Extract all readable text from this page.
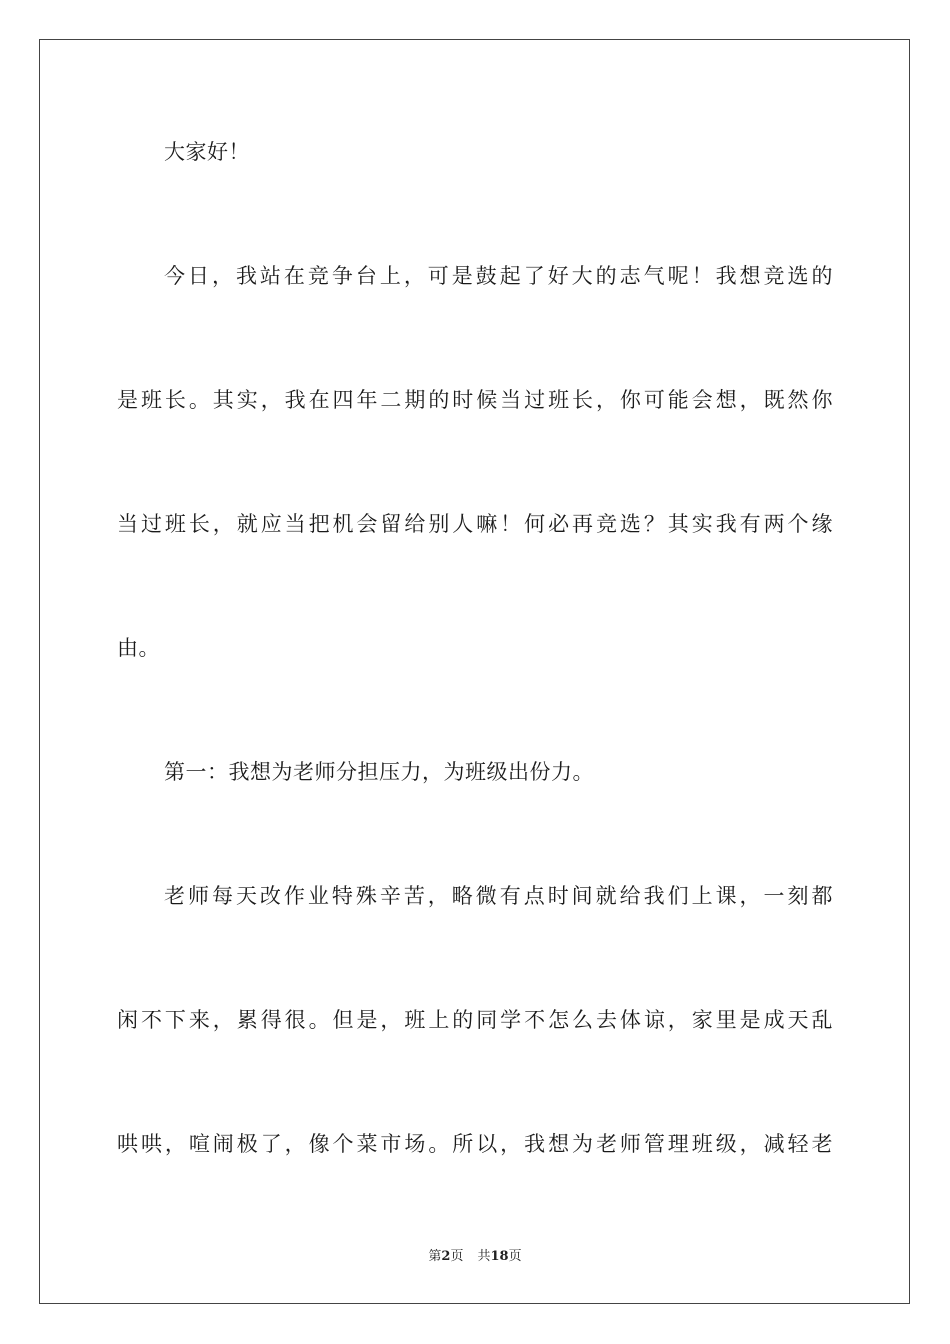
大家好！
今日，我站在竞争台上，可是鼓起了好大的志气呢！我想竞选的
是班长。其实，我在四年二期的时候当过班长，你可能会想，既然你
当过班长，就应当把机会留给别人嘛！何必再竞选？其实我有两个缘
由。
第一：我想为老师分担压力，为班级出份力。
老师每天改作业特殊辛苦，略微有点时间就给我们上课，一刻都
闲不下来，累得很。但是，班上的同学不怎么去体谅，家里是成天乱
哄哄，喧闹极了，像个菜市场。所以，我想为老师管理班级，减轻老
第2页 共18页
